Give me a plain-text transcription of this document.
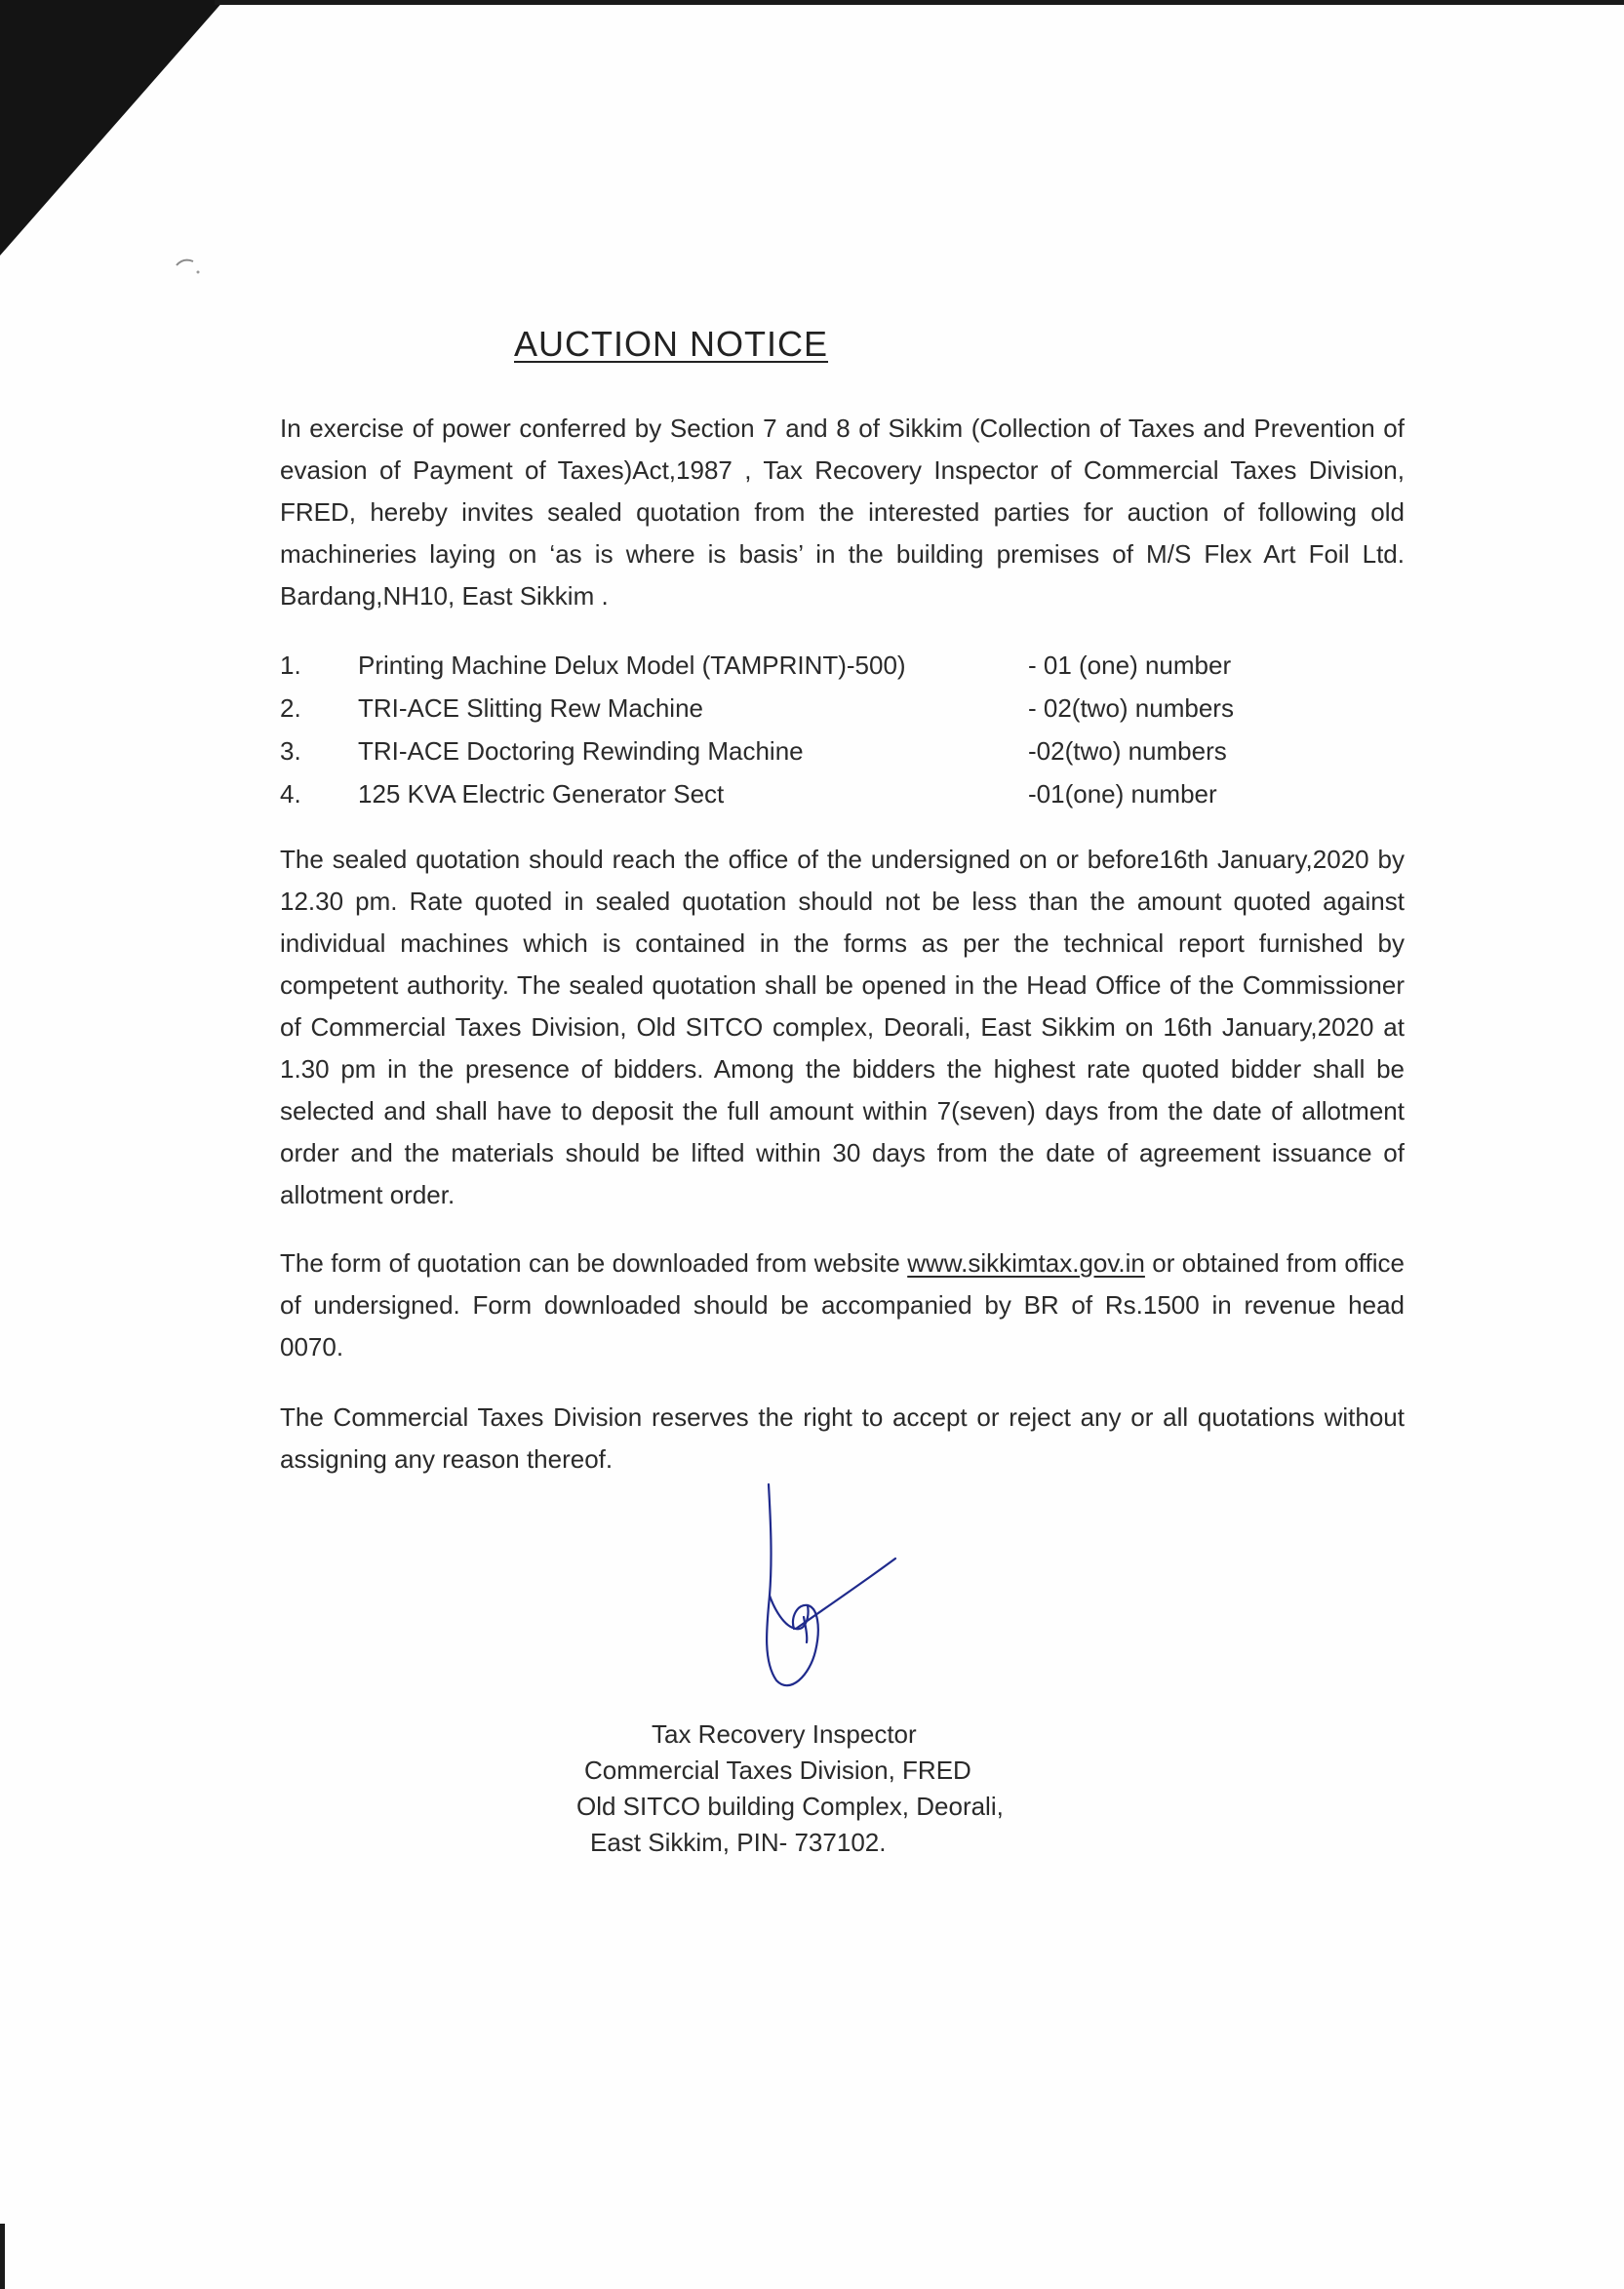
AUCTION NOTICE

In exercise of power conferred by Section 7 and 8 of Sikkim (Collection of Taxes and Prevention of evasion of Payment of Taxes)Act,1987 , Tax Recovery Inspector of Commercial Taxes Division, FRED, hereby invites sealed quotation from the interested parties for auction of following old machineries laying on ‘as is where is basis’ in the building premises of M/S Flex Art Foil Ltd. Bardang,NH10, East Sikkim .

1. Printing Machine Delux Model (TAMPRINT)-500)	- 01 (one) number
2. TRI-ACE Slitting Rew Machine	- 02(two) numbers
3. TRI-ACE Doctoring Rewinding Machine	-02(two) numbers
4. 125 KVA Electric Generator Sect	-01(one) number

The sealed quotation should reach the office of the undersigned on or before16th January,2020 by 12.30 pm. Rate quoted in sealed quotation should not be less than the amount quoted against individual machines which is contained in the forms as per the technical report furnished by competent authority. The sealed quotation shall be opened in the Head Office of the Commissioner of Commercial Taxes Division, Old SITCO complex, Deorali, East Sikkim on 16th January,2020 at 1.30 pm in the presence of bidders. Among the bidders the highest rate quoted bidder shall be selected and shall have to deposit the full amount within 7(seven) days from the date of allotment order and the materials should be lifted within 30 days from the date of agreement issuance of allotment order.

The form of quotation can be downloaded from website www.sikkimtax.gov.in or obtained from office of undersigned. Form downloaded should be accompanied by BR of Rs.1500 in revenue head 0070.

The Commercial Taxes Division reserves the right to accept or reject any or all quotations without assigning any reason thereof.

Tax Recovery Inspector
Commercial Taxes Division, FRED
Old SITCO building Complex, Deorali,
East Sikkim, PIN- 737102.
